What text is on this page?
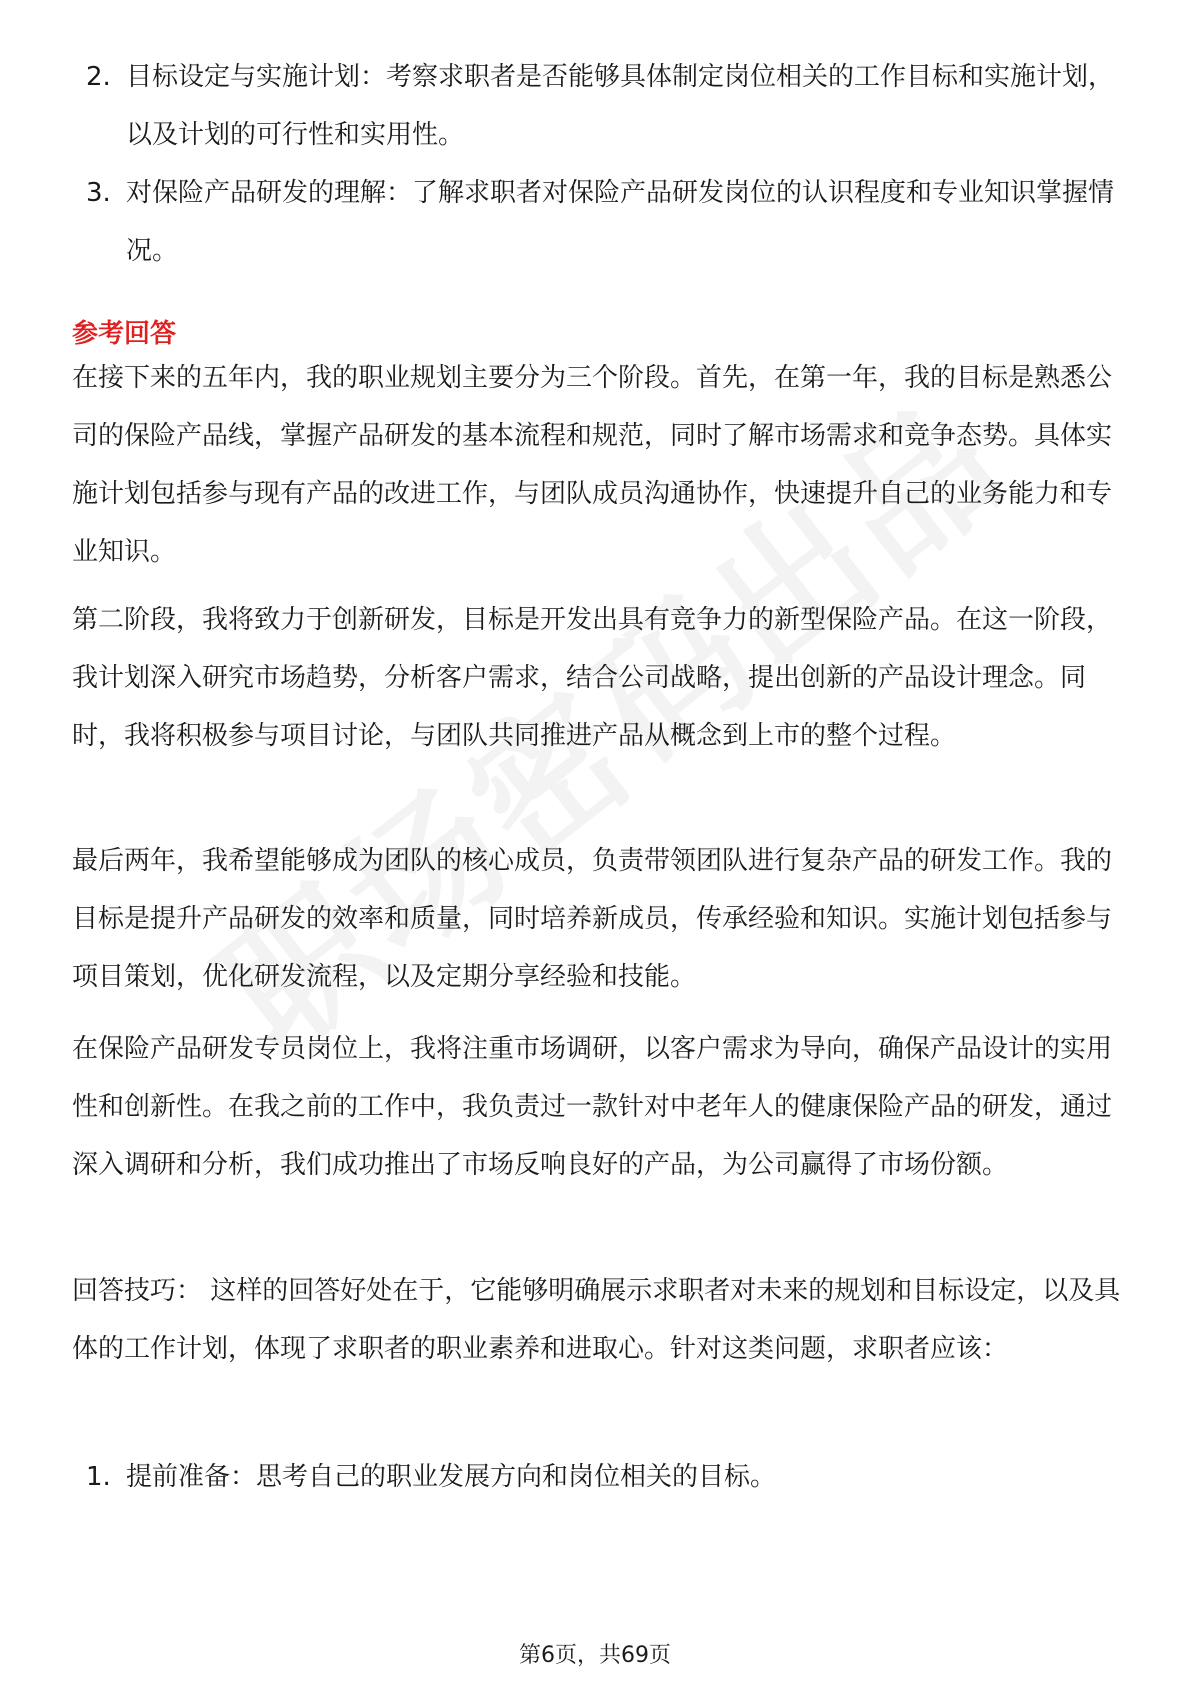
2. 目标设定与实施计划：考察求职者是否能够具体制定岗位相关的工作目标和实施计划，以及计划的可行性和实用性。
3. 对保险产品研发的理解：了解求职者对保险产品研发岗位的认识程度和专业知识掌握情况。
参考回答

在接下来的五年内，我的职业规划主要分为三个阶段。首先，在第一年，我的目标是熟悉公司的保险产品线，掌握产品研发的基本流程和规范，同时了解市场需求和竞争态势。具体实施计划包括参与现有产品的改进工作，与团队成员沟通协作，快速提升自己的业务能力和专业知识。

第二阶段，我将致力于创新研发，目标是开发出具有竞争力的新型保险产品。在这一阶段，我计划深入研究市场趋势，分析客户需求，结合公司战略，提出创新的产品设计理念。同时，我将积极参与项目讨论，与团队共同推进产品从概念到上市的整个过程。

最后两年，我希望能够成为团队的核心成员，负责带领团队进行复杂产品的研发工作。我的目标是提升产品研发的效率和质量，同时培养新成员，传承经验和知识。实施计划包括参与项目策划，优化研发流程，以及定期分享经验和技能。

在保险产品研发专员岗位上，我将注重市场调研，以客户需求为导向，确保产品设计的实用性和创新性。在我之前的工作中，我负责过一款针对中老年人的健康保险产品的研发，通过深入调研和分析，我们成功推出了市场反响良好的产品，为公司赢得了市场份额。

回答技巧： 这样的回答好处在于，它能够明确展示求职者对未来的规划和目标设定，以及具体的工作计划，体现了求职者的职业素养和进取心。针对这类问题，求职者应该：

1. 提前准备：思考自己的职业发展方向和岗位相关的目标。
第6页，共69页
